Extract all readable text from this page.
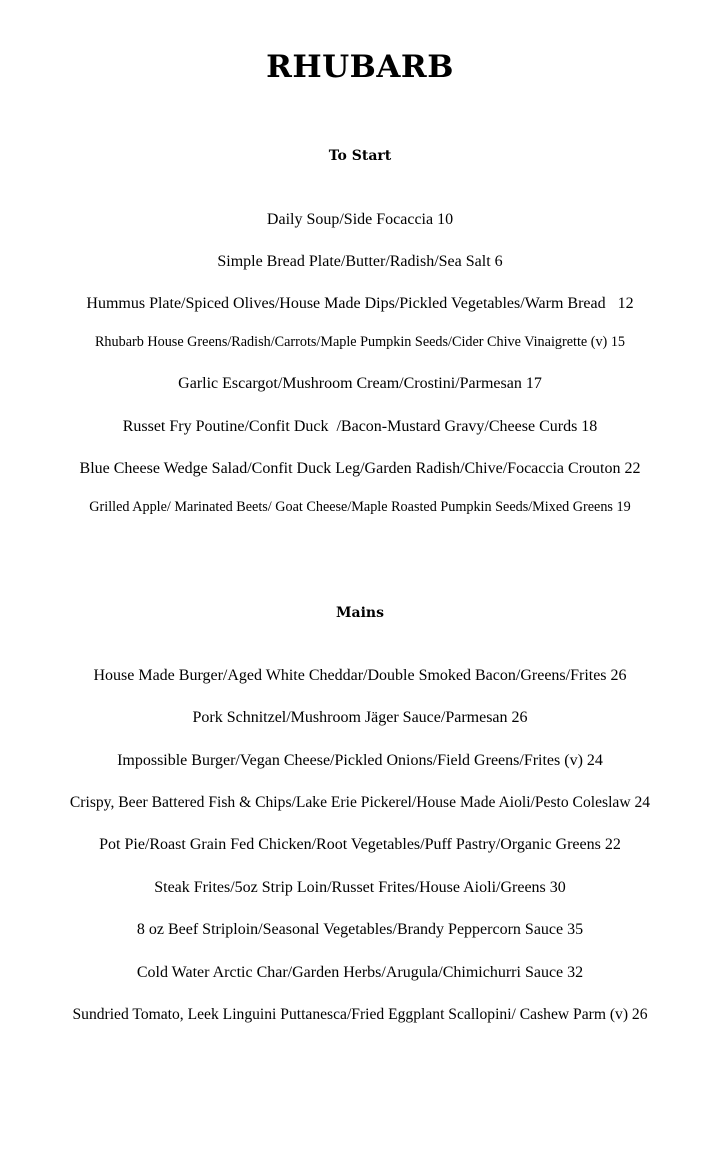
RHUBARB
To Start
Daily Soup/Side Focaccia 10
Simple Bread Plate/Butter/Radish/Sea Salt 6
Hummus Plate/Spiced Olives/House Made Dips/Pickled Vegetables/Warm Bread   12
Rhubarb House Greens/Radish/Carrots/Maple Pumpkin Seeds/Cider Chive Vinaigrette (v) 15
Garlic Escargot/Mushroom Cream/Crostini/Parmesan 17
Russet Fry Poutine/Confit Duck  /Bacon-Mustard Gravy/Cheese Curds 18
Blue Cheese Wedge Salad/Confit Duck Leg/Garden Radish/Chive/Focaccia Crouton 22
Grilled Apple/ Marinated Beets/ Goat Cheese/Maple Roasted Pumpkin Seeds/Mixed Greens 19
Mains
House Made Burger/Aged White Cheddar/Double Smoked Bacon/Greens/Frites 26
Pork Schnitzel/Mushroom Jäger Sauce/Parmesan 26
Impossible Burger/Vegan Cheese/Pickled Onions/Field Greens/Frites (v) 24
Crispy, Beer Battered Fish & Chips/Lake Erie Pickerel/House Made Aioli/Pesto Coleslaw 24
Pot Pie/Roast Grain Fed Chicken/Root Vegetables/Puff Pastry/Organic Greens 22
Steak Frites/5oz Strip Loin/Russet Frites/House Aioli/Greens 30
8 oz Beef Striploin/Seasonal Vegetables/Brandy Peppercorn Sauce 35
Cold Water Arctic Char/Garden Herbs/Arugula/Chimichurri Sauce 32
Sundried Tomato, Leek Linguini Puttanesca/Fried Eggplant Scallopini/ Cashew Parm (v) 26
